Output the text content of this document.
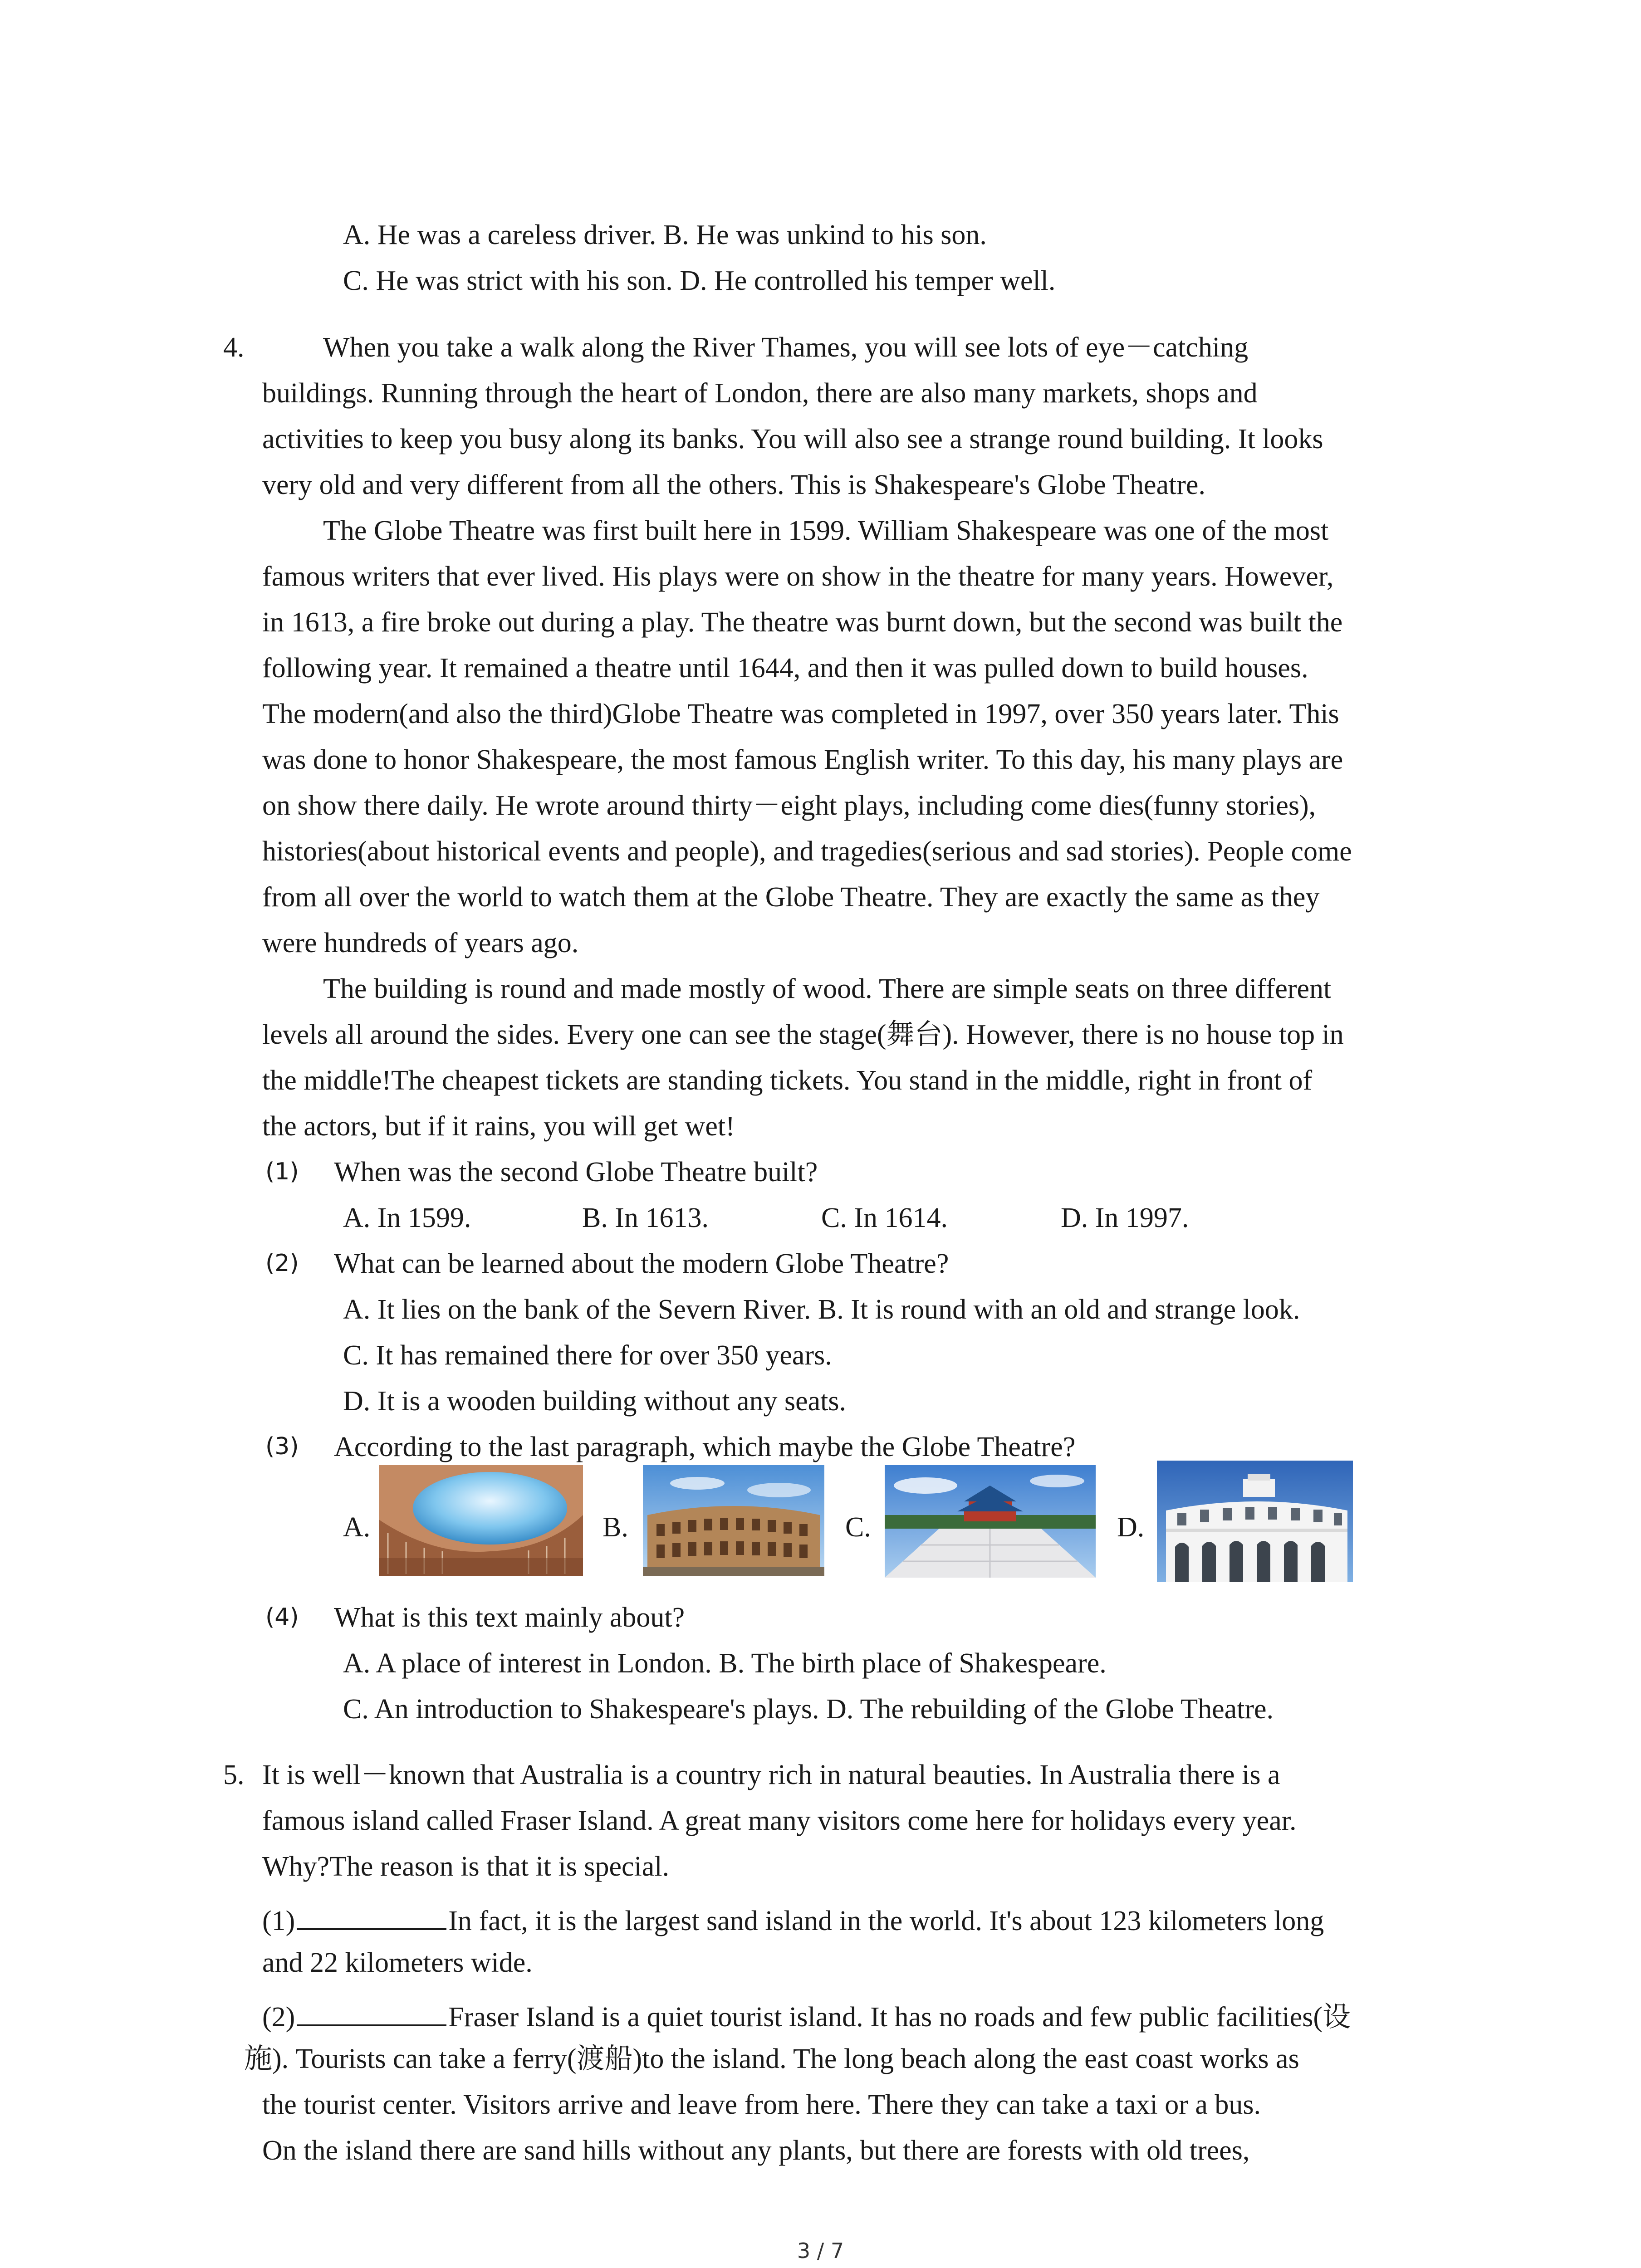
A. He was a careless driver. B. He was unkind to his son.
C. He was strict with his son. D. He controlled his temper well.
4.	When you take a walk along the River Thames, you will see lots of eye－catching
buildings. Running through the heart of London, there are also many markets, shops and
activities to keep you busy along its banks. You will also see a strange round building. It looks
very old and very different from all the others. This is Shakespeare's Globe Theatre.
The Globe Theatre was first built here in 1599. William Shakespeare was one of the most
famous writers that ever lived. His plays were on show in the theatre for many years. However,
in 1613, a fire broke out during a play. The theatre was burnt down, but the second was built the
following year. It remained a theatre until 1644, and then it was pulled down to build houses.
The modern(and also the third)Globe Theatre was completed in 1997, over 350 years later. This
was done to honor Shakespeare, the most famous English writer. To this day, his many plays are
on show there daily. He wrote around thirty－eight plays, including come dies(funny stories),
histories(about historical events and people), and tragedies(serious and sad stories). People come
from all over the world to watch them at the Globe Theatre. They are exactly the same as they
were hundreds of years ago.
The building is round and made mostly of wood. There are simple seats on three different
levels all around the sides. Every one can see the stage(舞台). However, there is no house top in
the middle!The cheapest tickets are standing tickets. You stand in the middle, right in front of
the actors, but if it rains, you will get wet!
(1) When was the second Globe Theatre built?
A. In 1599.	B. In 1613.	C. In 1614.	D. In 1997.
(2) What can be learned about the modern Globe Theatre?
A. It lies on the bank of the Severn River. B. It is round with an old and strange look.
C. It has remained there for over 350 years.
D. It is a wooden building without any seats.
(3) According to the last paragraph, which maybe the Globe Theatre?
A.	B.	C.	D.
(4) What is this text mainly about?
A. A place of interest in London. B. The birth place of Shakespeare.
C. An introduction to Shakespeare's plays. D. The rebuilding of the Globe Theatre.
5. It is well－known that Australia is a country rich in natural beauties. In Australia there is a
famous island called Fraser Island. A great many visitors come here for holidays every year.
Why?The reason is that it is special.
(1)	In fact, it is the largest sand island in the world. It's about 123 kilometers long
and 22 kilometers wide.
(2)	Fraser Island is a quiet tourist island. It has no roads and few public facilities(设
施). Tourists can take a ferry(渡船)to the island. The long beach along the east coast works as
the tourist center. Visitors arrive and leave from here. There they can take a taxi or a bus.
On the island there are sand hills without any plants, but there are forests with old trees,
3 / 7
